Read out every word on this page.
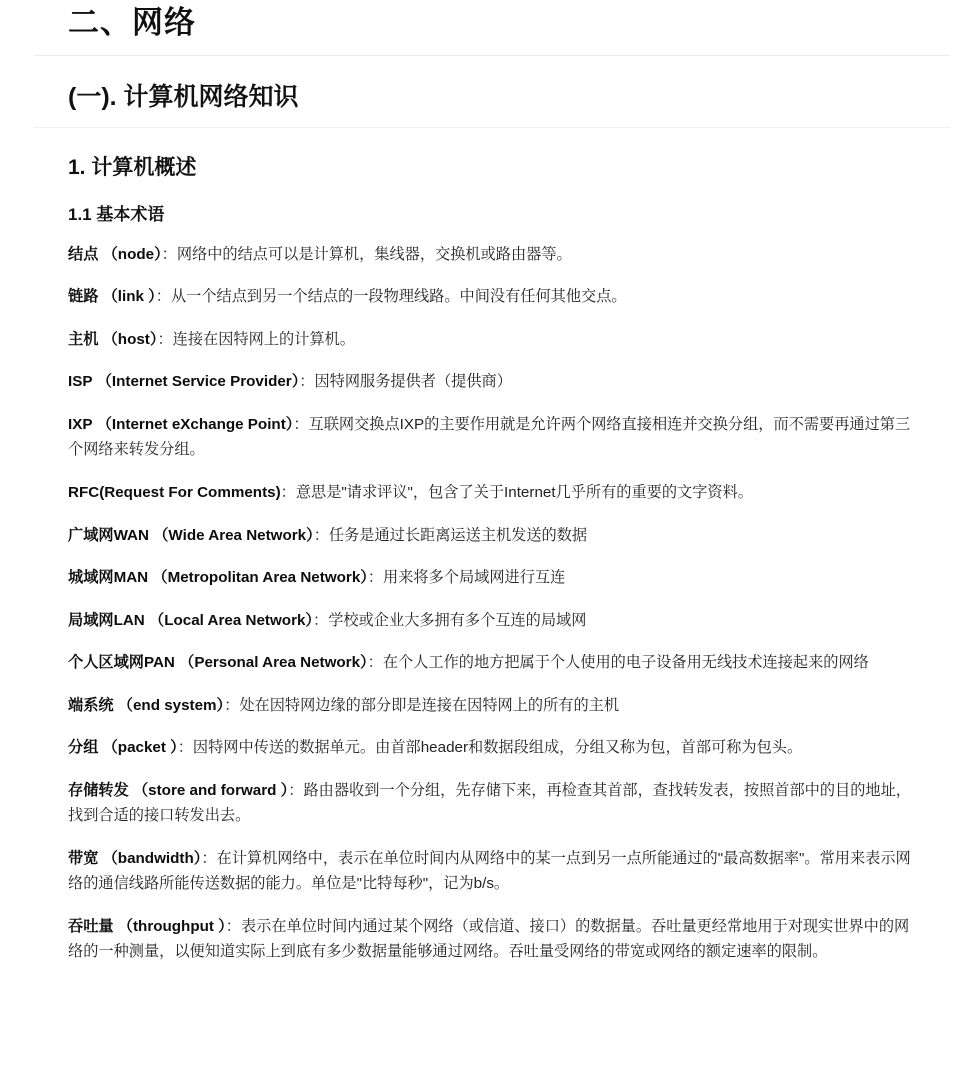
二、网络
(一). 计算机网络知识
1. 计算机概述
1.1 基本术语

结点 （node）：网络中的结点可以是计算机，集线器，交换机或路由器等。

链路 （link ）：从一个结点到另一个结点的一段物理线路。中间没有任何其他交点。

主机 （host）：连接在因特网上的计算机。

ISP （Internet Service Provider）：因特网服务提供者（提供商）

IXP （Internet eXchange Point）：互联网交换点IXP的主要作用就是允许两个网络直接相连并交换分组，而不需要再通过第三个网络来转发分组。

RFC(Request For Comments)：意思是"请求评议"，包含了关于Internet几乎所有的重要的文字资料。

广域网WAN （Wide Area Network）：任务是通过长距离运送主机发送的数据

城域网MAN （Metropolitan Area Network）：用来将多个局域网进行互连

局域网LAN （Local Area Network）：学校或企业大多拥有多个互连的局域网

个人区域网PAN （Personal Area Network）：在个人工作的地方把属于个人使用的电子设备用无线技术连接起来的网络

端系统 （end system）：处在因特网边缘的部分即是连接在因特网上的所有的主机

分组 （packet ）：因特网中传送的数据单元。由首部header和数据段组成，分组又称为包，首部可称为包头。

存储转发 （store and forward ）：路由器收到一个分组，先存储下来，再检查其首部，查找转发表，按照首部中的目的地址，找到合适的接口转发出去。

带宽 （bandwidth）：在计算机网络中，表示在单位时间内从网络中的某一点到另一点所能通过的"最高数据率"。常用来表示网络的通信线路所能传送数据的能力。单位是"比特每秒"，记为b/s。

吞吐量 （throughput ）：表示在单位时间内通过某个网络（或信道、接口）的数据量。吞吐量更经常地用于对现实世界中的网络的一种测量，以便知道实际上到底有多少数据量能够通过网络。吞吐量受网络的带宽或网络的额定速率的限制。
